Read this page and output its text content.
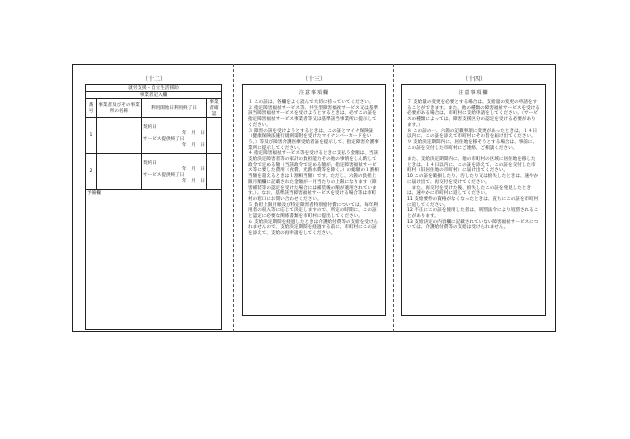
（十二）
就労支援・自立生活援助			
事業者記入欄			
番号	事業者及びその事業所の名称	利用開始日利用終了日	事業者確認
1		契約日
年　月　日
サービス提供終了日
年　月　日	

2		契約日
年　月　日
サービス提供終了日
年　月　日	

予備欄			
（十三）
注意事項欄
１ この証は、各欄をよく読んで大切に持っていてください。
２ 指定障害福祉サービス等、共生型障害福祉サービス又は基準該当障害福祉サービスを受けようとするときは、必ずこの証を指定障害福祉サービス事業者等又は基準該当事業所に提示してください。
３ 障害の該を受けようとするときは、この証とマイナ保険証（健康保険法施行規則第附を受けたマイナンバーカードをいう。）等及び障害介護医療受給者証を提示して、指定障害介護事業所に提示してください。
４ 指定障害福祉サービス等を受けるときに支払う金額は、当該支給決定障害者等の家計の負担能力その他の事情をしん酌して政令で定める額（当該政令で定める額が、指定障害福祉サービス等に要した費用（食費、光熱水費等を除く。）の総額の１割相当額を超えるときは１割相当額）です。ただし、六箇の負担上限月額欄に記載された金額が一月当たりの上限になります（障害補装等の認定を受けた場合には補装後の額が適用されています。）。なお、基準該当障害福祉サービスを受ける場合等は市町村の窓口にお問い合わせください。
５ 負担上限月額及び特定障害者特別給付費については、毎年利用者の収入等に応じて決定しますので、所定の時期に、この証と認定に必要な関係書類を市町村に提出してください。
６ 支給決定期間を経過したときは介護給付費等の支給を受けられませんので、支給決定期間を経過する前に、市町村にこの証を添えて、支給の再申請をしてください。
（十四）
注意事項欄
７ 支給量の変更を必要とする場合は、支給量の変更の申請をすることができます。また、他の種類の障害福祉サービスを受ける必要がある場合は、市町村に支給申請をしてください。（サービスの種類によっては、障害支援区分の認定を受ける必要があります。）
８ この証の一、六箇の記載事項に変更があったときは、１４日以内に、この証を添えて市町村にその旨を届け出てください。
９ 支給決定期間内に、居住地を移そうとする場合は、事前に、この証を交付した市町村にご連絡、ご相談ください。

また、支給決定期間内に、他の市町村の区域に居住地を移したときは、１４日以内に、この証を添えて、この証を交付した市町村（旧居住地の市町村）に届け出てください。
10 この証を破損したり、汚したり又は紛失したときは、速やかに届け出て、再交付を受けてください。
　また、再交付を受けた後、紛失したこの証を発見したときは、速やかに市町村に返してください。
11 支給要件の資格がなくなったときは、直ちにこの証を市町村に返してください。
12 不正にこの証を使用した者は、刑罰法令により処罰されることがあります。
13 支給決定の内容欄に記載されていない障害福祉サービスについては、介護給付費等の支給は受けられません。
